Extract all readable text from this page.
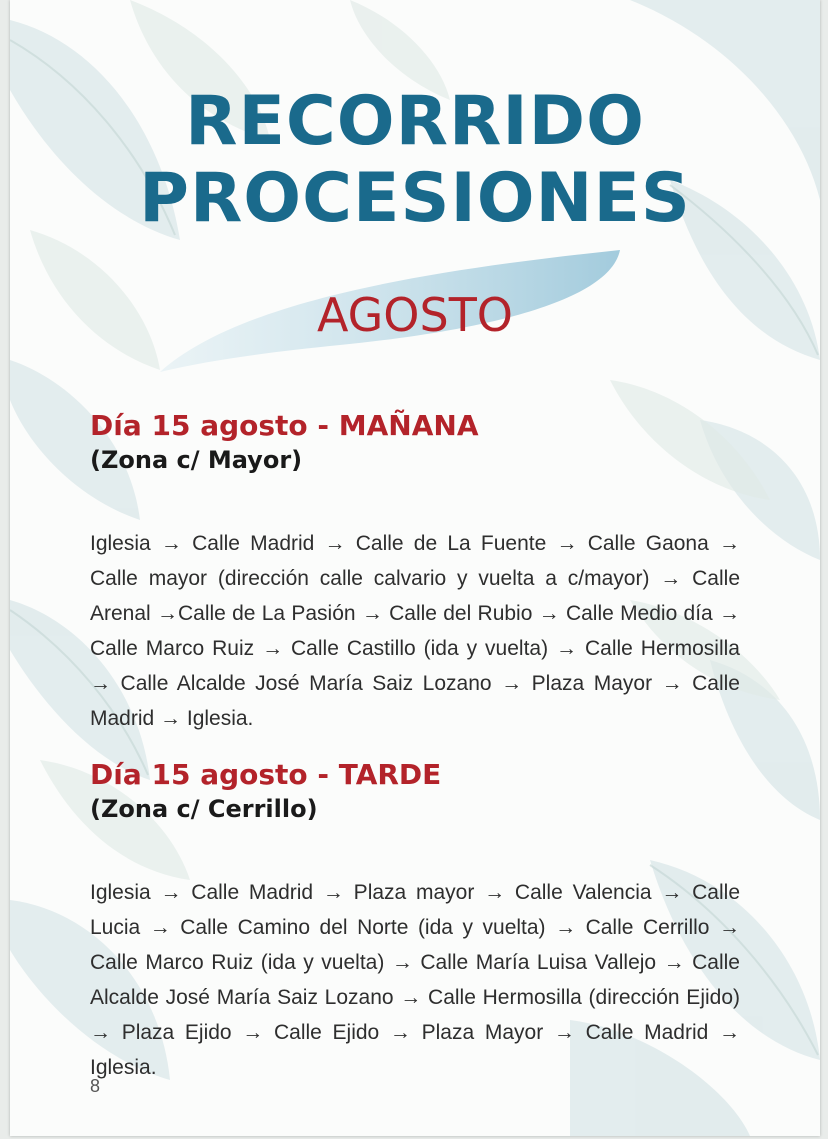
RECORRIDO
PROCESIONES
AGOSTO
Día 15 agosto - MAÑANA
(Zona c/ Mayor)

Iglesia → Calle Madrid → Calle de La Fuente → Calle Gaona → Calle mayor (dirección calle calvario y vuelta a c/mayor) → Calle Arenal →Calle de La Pasión → Calle del Rubio → Calle Medio día → Calle Marco Ruiz → Calle Castillo (ida y vuelta) → Calle Hermosilla → Calle Alcalde José María Saiz Lozano → Plaza Mayor → Calle Madrid → Iglesia.

Día 15 agosto - TARDE
(Zona c/ Cerrillo)

Iglesia → Calle Madrid → Plaza mayor → Calle Valencia → Calle Lucia → Calle Camino del Norte (ida y vuelta) → Calle Cerrillo → Calle Marco Ruiz (ida y vuelta) → Calle María Luisa Vallejo → Calle Alcalde José María Saiz Lozano → Calle Hermosilla (dirección Ejido) → Plaza Ejido → Calle Ejido → Plaza Mayor → Calle Madrid → Iglesia.

8
